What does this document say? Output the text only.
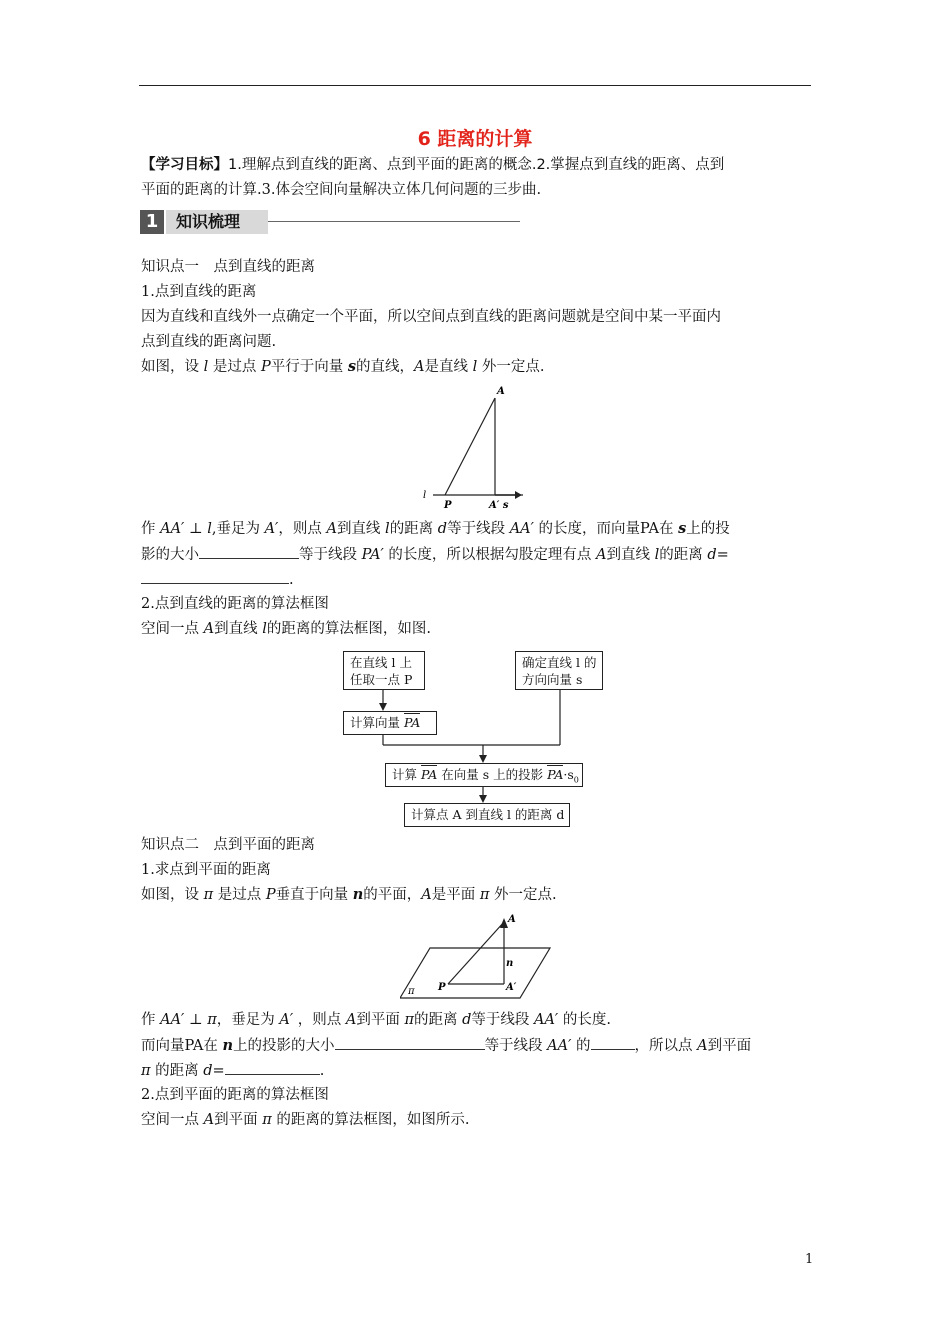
6 距离的计算
【学习目标】1.理解点到直线的距离、点到平面的距离的概念.2.掌握点到直线的距离、点到
平面的距离的计算.3.体会空间向量解决立体几何问题的三步曲.
1	知识梳理
知识点一　点到直线的距离
1.点到直线的距离
因为直线和直线外一点确定一个平面，所以空间点到直线的距离问题就是空间中某一平面内
点到直线的距离问题.
如图，设 l 是过点 P平行于向量 s的直线，A是直线 l 外一定点.
A
P	A′ s
l
作 AA′ ⊥ l,垂足为 A′，则点 A到直线 l的距离 d等于线段 AA′ 的长度，而向量PA在 s上的投
影的大小	等于线段 PA′ 的长度，所以根据勾股定理有点 A到直线 l的距离 d=
.
2.点到直线的距离的算法框图
空间一点 A到直线 l的距离的算法框图，如图.
在直线 l 上
任取一点 P
确定直线 l 的
方向向量 s
计算向量 PA
计算 PA 在向量 s 上的投影 $PA\cdot s_0$
计算点 A 到直线 l 的距离 d
知识点二　点到平面的距离
1.求点到平面的距离
如图，设 π 是过点 P垂直于向量 n的平面，A是平面 π 外一定点.
A
n
P	A′
π
作 AA′ ⊥ π，垂足为 A′ ，则点 A到平面 π的距离 d等于线段 AA′ 的长度.
而向量PA在 n上的投影的大小	等于线段 AA′ 的	，所以点 A到平面
π 的距离 d=	.
2.点到平面的距离的算法框图
空间一点 A到平面 π 的距离的算法框图，如图所示.
1
